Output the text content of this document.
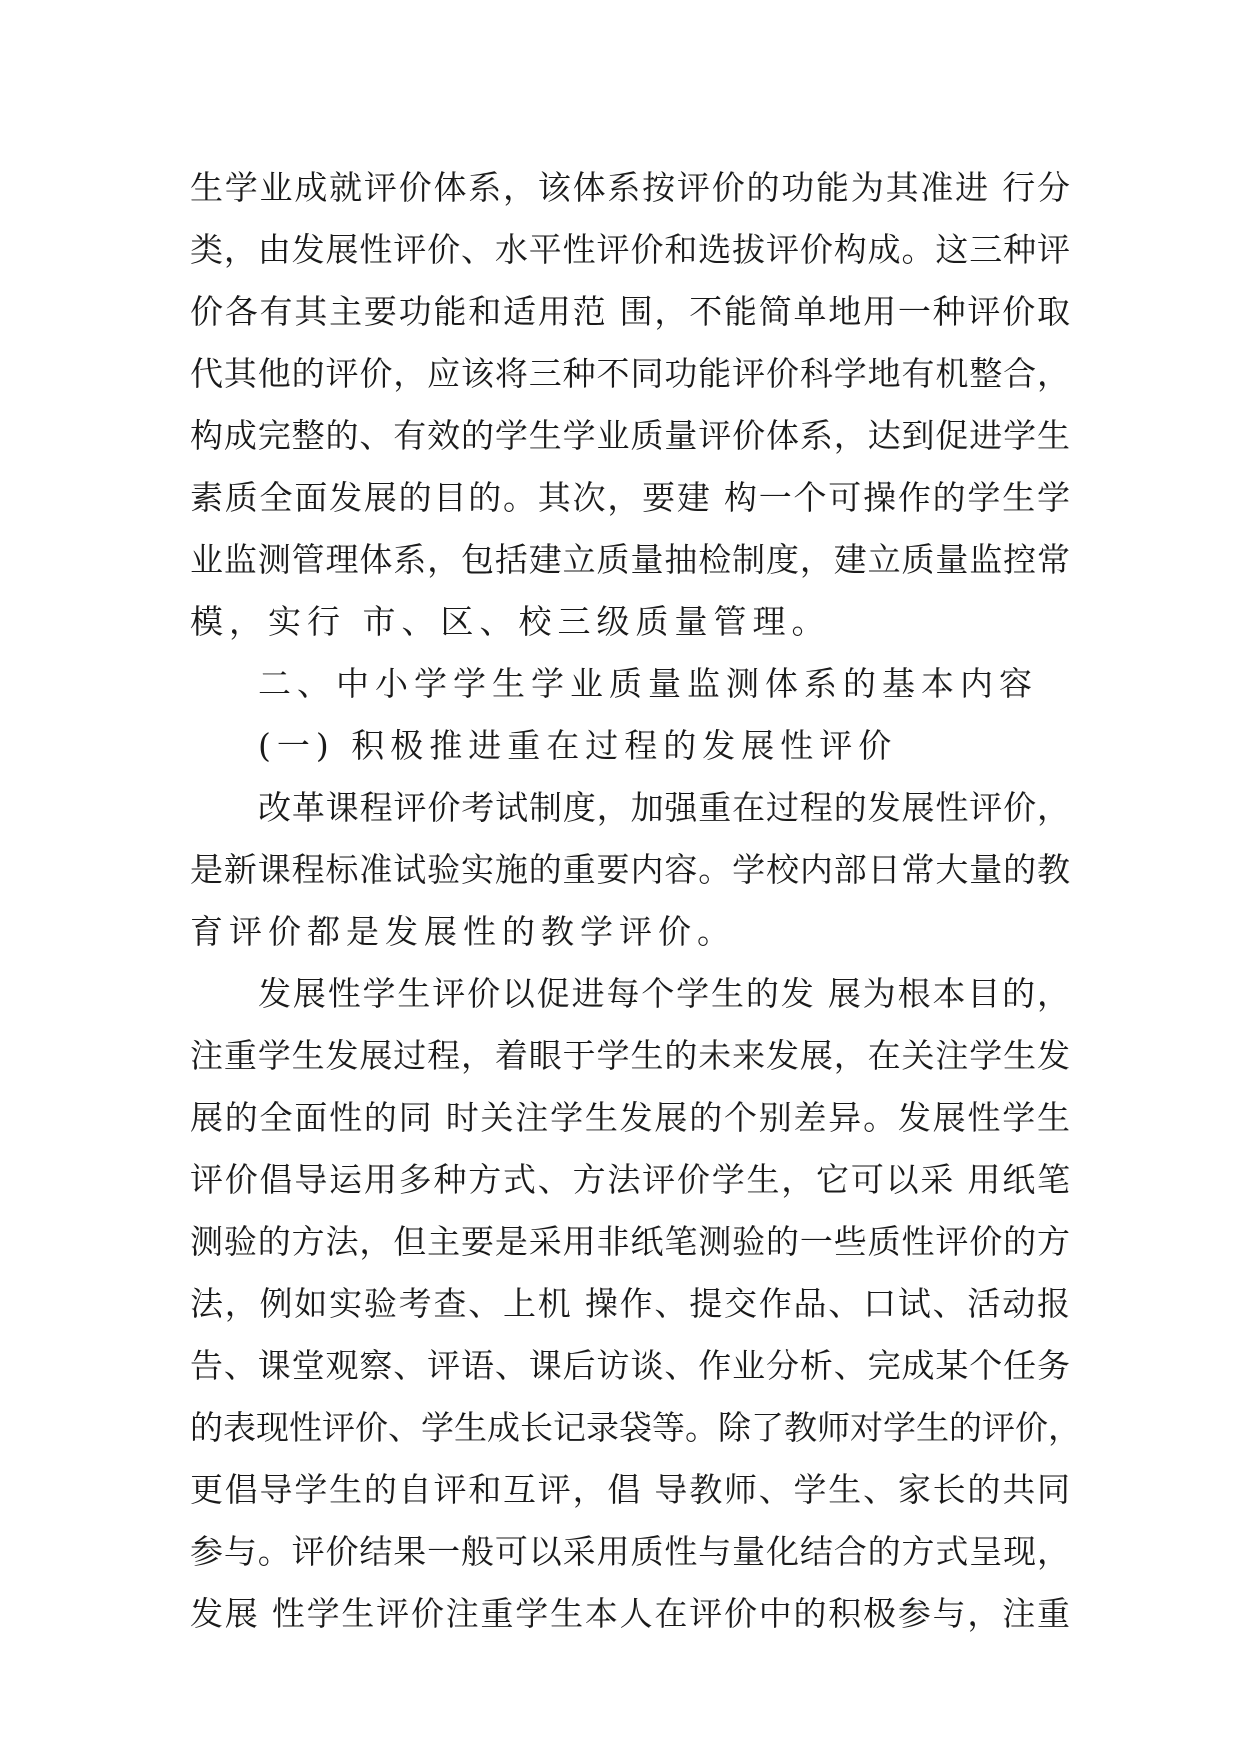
生学业成就评价体系，该体系按评价的功能为其准进 行分
类，由发展性评价、水平性评价和选拔评价构成。这三种评
价各有其主要功能和适用范 围，不能简单地用一种评价取
代其他的评价，应该将三种不同功能评价科学地有机整合，
构成完整的、有效的学生学业质量评价体系，达到促进学生
素质全面发展的目的。其次，要建 构一个可操作的学生学
业监测管理体系，包括建立质量抽检制度，建立质量监控常
模，实行 市、区、校三级质量管理。
二、中小学学生学业质量监测体系的基本内容
(一) 积极推进重在过程的发展性评价
改革课程评价考试制度，加强重在过程的发展性评价，
是新课程标准试验实施的重要内容。学校内部日常大量的教
育评价都是发展性的教学评价。
发展性学生评价以促进每个学生的发 展为根本目的，
注重学生发展过程，着眼于学生的未来发展，在关注学生发
展的全面性的同 时关注学生发展的个别差异。发展性学生
评价倡导运用多种方式、方法评价学生，它可以采 用纸笔
测验的方法，但主要是采用非纸笔测验的一些质性评价的方
法，例如实验考查、上机 操作、提交作品、口试、活动报
告、课堂观察、评语、课后访谈、作业分析、完成某个任务
的表现性评价、学生成长记录袋等。除了教师对学生的评价，
更倡导学生的自评和互评，倡 导教师、学生、家长的共同
参与。评价结果一般可以采用质性与量化结合的方式呈现，
发展 性学生评价注重学生本人在评价中的积极参与，注重
